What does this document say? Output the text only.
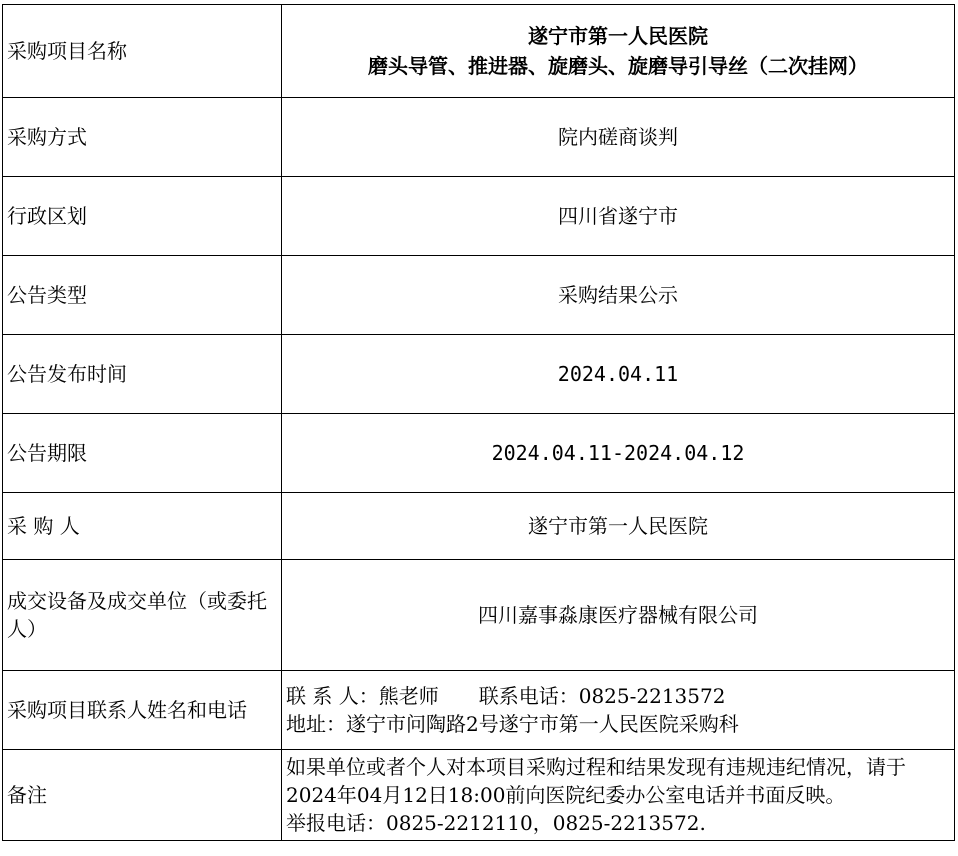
采购项目名称	遂宁市第一人民医院
磨头导管、推进器、旋磨头、旋磨导引导丝（二次挂网）

采购方式	院内磋商谈判
行政区划	四川省遂宁市
公告类型	采购结果公示
公告发布时间	2024.04.11
公告期限	2024.04.11-2024.04.12
采 购 人	遂宁市第一人民医院
成交设备及成交单位（或委托人）	四川嘉事淼康医疗器械有限公司
采购项目联系人姓名和电话	联 系 人：熊老师 联系电话：0825-2213572
地址：遂宁市问陶路2号遂宁市第一人民医院采购科

备注	如果单位或者个人对本项目采购过程和结果发现有违规违纪情况，请于2024年04月12日18:00前向医院纪委办公室电话并书面反映。
举报电话：0825-2212110，0825-2213572.
